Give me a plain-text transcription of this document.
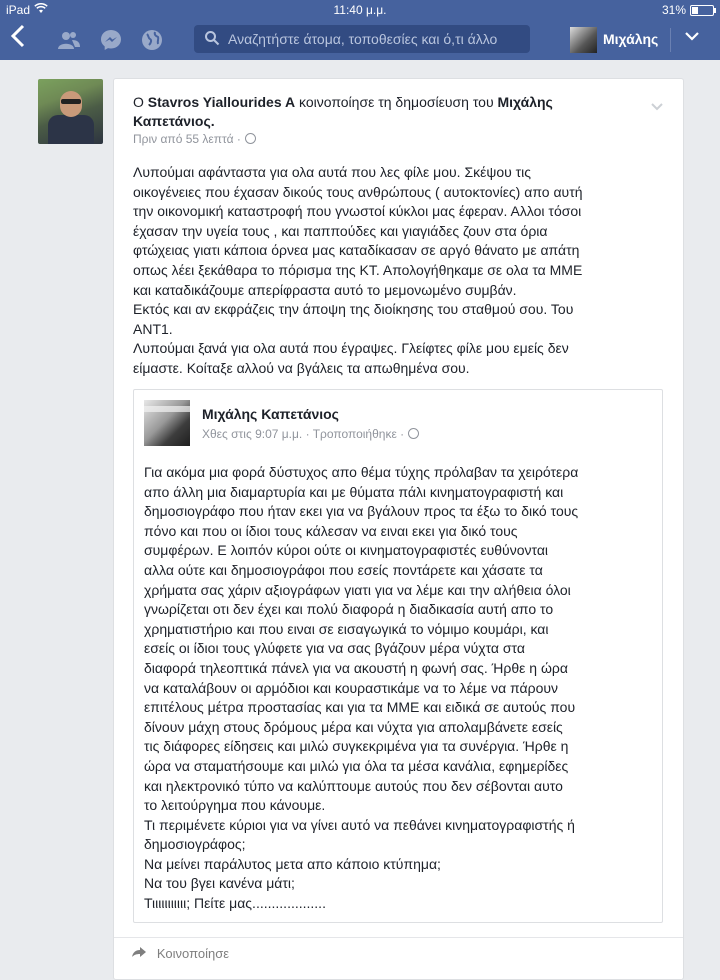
iPad	11:40 μ.μ.	31%
Αναζητήστε άτομα, τοποθεσίες και ό,τι άλλο	Μιχάλης
Ο Stavros Yiallourides A κοινοποίησε τη δημοσίευση του Μιχάλης Καπετάνιος.
Πριν από 55 λεπτά ·

Λυπούμαι αφάνταστα για ολα αυτά που λες φίλε μου. Σκέψου τις

οικογένειες που έχασαν δικούς τους ανθρώπους ( αυτοκτονίες) απο αυτή

την οικονομική καταστροφή που γνωστοί κύκλοι μας έφεραν. Αλλοι τόσοι

έχασαν την υγεία τους , και παππούδες και γιαγιάδες ζουν στα όρια

φτώχειας γιατι κάποια όρνεα μας καταδίκασαν σε αργό θάνατο με απάτη

οπως λέει ξεκάθαρα το πόρισμα της ΚΤ. Απολογήθηκαμε σε ολα τα ΜΜΕ

και καταδικάζουμε απερίφραστα αυτό το μεμονωμένο συμβάν.

Εκτός και αν εκφράζεις την άποψη της διοίκησης του σταθμού σου. Του

ΑΝΤ1.

Λυπούμαι ξανά για ολα αυτά που έγραψες. Γλείφτες φίλε μου εμείς δεν

είμαστε. Κοίταξε αλλού να βγάλεις τα απωθημένα σου.

Μιχάλης Καπετάνιος
Χθες στις 9:07 μ.μ. · Τροποποιήθηκε ·

Για ακόμα μια φορά δύστυχος απο θέμα τύχης πρόλαβαν τα χειρότερα

απο άλλη μια διαμαρτυρία και με θύματα πάλι κινηματογραφιστή και

δημοσιογράφο που ήταν εκει για να βγάλουν προς τα έξω το δικό τους

πόνο και που οι ίδιοι τους κάλεσαν να ειναι εκει για δικό τους

συμφέρων. Ε λοιπόν κύροι ούτε οι κινηματογραφιστές ευθύνονται

αλλα ούτε και δημοσιογράφοι που εσείς ποντάρετε και χάσατε τα

χρήματα σας χάριν αξιογράφων γιατι για να λέμε και την αλήθεια όλοι

γνωρίζεται οτι δεν έχει και πολύ διαφορά η διαδικασία αυτή απο το

χρηματιστήριο και που ειναι σε εισαγωγικά το νόμιμο κουμάρι, και

εσείς οι ίδιοι τους γλύφετε για να σας βγάζουν μέρα νύχτα στα

διαφορά τηλεοπτικά πάνελ για να ακουστή η φωνή σας. Ήρθε η ώρα

να καταλάβουν οι αρμόδιοι και κουραστικάμε να το λέμε να πάρουν

επιτέλους μέτρα προστασίας και για τα ΜΜΕ και ειδικά σε αυτούς που

δίνουν μάχη στους δρόμους μέρα και νύχτα για απολαμβάνετε εσείς

τις διάφορες είδησεις και μιλώ συγκεκριμένα για τα συνέργια. Ήρθε η

ώρα να σταματήσουμε και μιλώ για όλα τα μέσα κανάλια, εφημερίδες

και ηλεκτρονικό τύπο να καλύπτουμε αυτούς που δεν σέβονται αυτο

το λειτούργημα που κάνουμε.

Τι περιμένετε κύριοι για να γίνει αυτό να πεθάνει κινηματογραφιστής ή

δημοσιογράφος;

Να μείνει παράλυτος μετα απο κάποιο κτύπημα;

Να του βγει κανένα μάτι;

Τιιιιιιιιιιι; Πείτε μας...................

Κοινοποίησε
